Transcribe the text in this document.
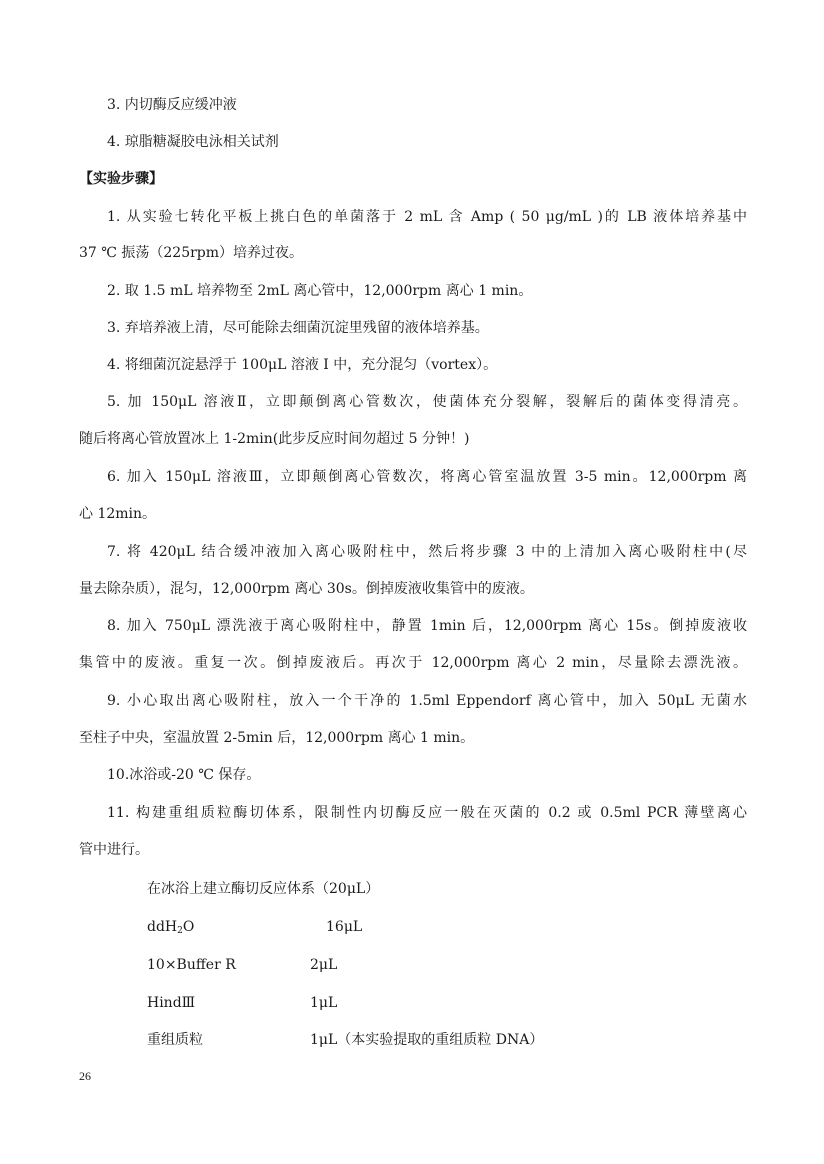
3. 内切酶反应缓冲液
4. 琼脂糖凝胶电泳相关试剂
【实验步骤】
1. 从实验七转化平板上挑白色的单菌落于 2 mL 含 Amp ( 50 μg/mL )的 LB 液体培养基中
37 ℃ 振荡（225rpm）培养过夜。
2. 取 1.5 mL 培养物至 2mL 离心管中，12,000rpm 离心 1 min。
3. 弃培养液上清，尽可能除去细菌沉淀里残留的液体培养基。
4. 将细菌沉淀悬浮于 100μL 溶液 I 中，充分混匀（vortex）。
5. 加 150μL 溶液Ⅱ，立即颠倒离心管数次，使菌体充分裂解，裂解后的菌体变得清亮。
随后将离心管放置冰上 1-2min(此步反应时间勿超过 5 分钟！)
6. 加入 150μL 溶液Ⅲ，立即颠倒离心管数次，将离心管室温放置 3-5 min。12,000rpm 离
心 12min。
7. 将 420μL 结合缓冲液加入离心吸附柱中，然后将步骤 3 中的上清加入离心吸附柱中(尽
量去除杂质），混匀，12,000rpm 离心 30s。倒掉废液收集管中的废液。
8. 加入 750μL 漂洗液于离心吸附柱中，静置 1min 后，12,000rpm 离心 15s。倒掉废液收
集管中的废液。重复一次。倒掉废液后。再次于 12,000rpm 离心 2 min，尽量除去漂洗液。
9. 小心取出离心吸附柱，放入一个干净的 1.5ml Eppendorf 离心管中，加入 50μL 无菌水
至柱子中央，室温放置 2-5min 后，12,000rpm 离心 1 min。
10.冰浴或-20 ℃ 保存。
11. 构建重组质粒酶切体系，限制性内切酶反应一般在灭菌的 0.2 或 0.5ml PCR 薄壁离心
管中进行。
在冰浴上建立酶切反应体系（20μL）
ddH$_2$O	16μL
10×Buffer R	2μL
HindⅢ	1μL
重组质粒	1μL（本实验提取的重组质粒 DNA）
26
